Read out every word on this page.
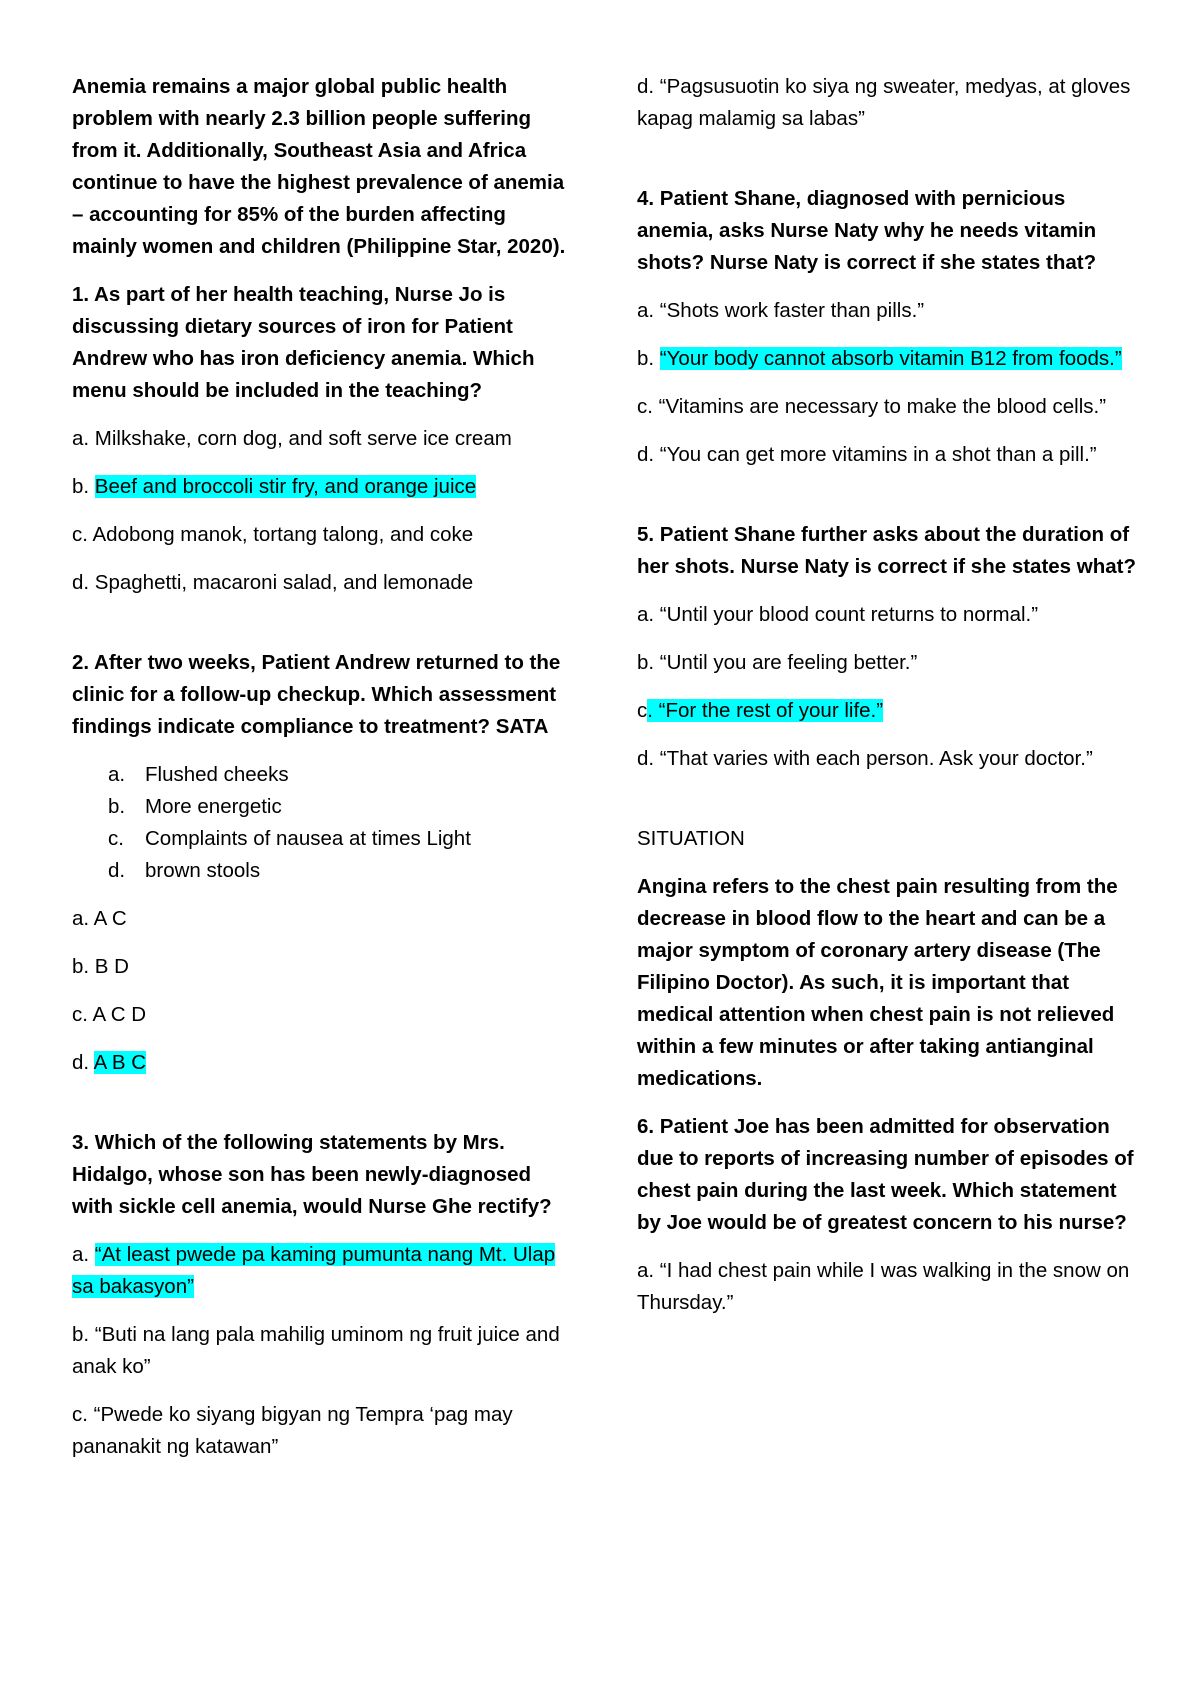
Anemia remains a major global public health problem with nearly 2.3 billion people suffering from it. Additionally, Southeast Asia and Africa continue to have the highest prevalence of anemia – accounting for 85% of the burden affecting mainly women and children (Philippine Star, 2020).

1. As part of her health teaching, Nurse Jo is discussing dietary sources of iron for Patient Andrew who has iron deficiency anemia. Which menu should be included in the teaching?

a. Milkshake, corn dog, and soft serve ice cream

b. Beef and broccoli stir fry, and orange juice

c. Adobong manok, tortang talong, and coke

d. Spaghetti, macaroni salad, and lemonade

2. After two weeks, Patient Andrew returned to the clinic for a follow-up checkup. Which assessment findings indicate compliance to treatment? SATA

a. Flushed cheeks
b. More energetic
c. Complaints of nausea at times Light
d. brown stools

a. A C

b. B D

c. A C D

d. A B C

3. Which of the following statements by Mrs. Hidalgo, whose son has been newly-diagnosed with sickle cell anemia, would Nurse Ghe rectify?

a. “At least pwede pa kaming pumunta nang Mt. Ulap sa bakasyon”

b. “Buti na lang pala mahilig uminom ng fruit juice and anak ko”

c. “Pwede ko siyang bigyan ng Tempra ‘pag may pananakit ng katawan”

d. “Pagsusuotin ko siya ng sweater, medyas, at gloves kapag malamig sa labas”

4. Patient Shane, diagnosed with pernicious anemia, asks Nurse Naty why he needs vitamin shots? Nurse Naty is correct if she states that?

a. “Shots work faster than pills.”

b. “Your body cannot absorb vitamin B12 from foods.”

c. “Vitamins are necessary to make the blood cells.”

d. “You can get more vitamins in a shot than a pill.”

5. Patient Shane further asks about the duration of her shots. Nurse Naty is correct if she states what?

a. “Until your blood count returns to normal.”

b. “Until you are feeling better.”

c. “For the rest of your life.”

d. “That varies with each person. Ask your doctor.”

SITUATION

Angina refers to the chest pain resulting from the decrease in blood flow to the heart and can be a major symptom of coronary artery disease (The Filipino Doctor). As such, it is important that medical attention when chest pain is not relieved within a few minutes or after taking antianginal medications.

6. Patient Joe has been admitted for observation due to reports of increasing number of episodes of chest pain during the last week. Which statement by Joe would be of greatest concern to his nurse?

a. “I had chest pain while I was walking in the snow on Thursday.”
